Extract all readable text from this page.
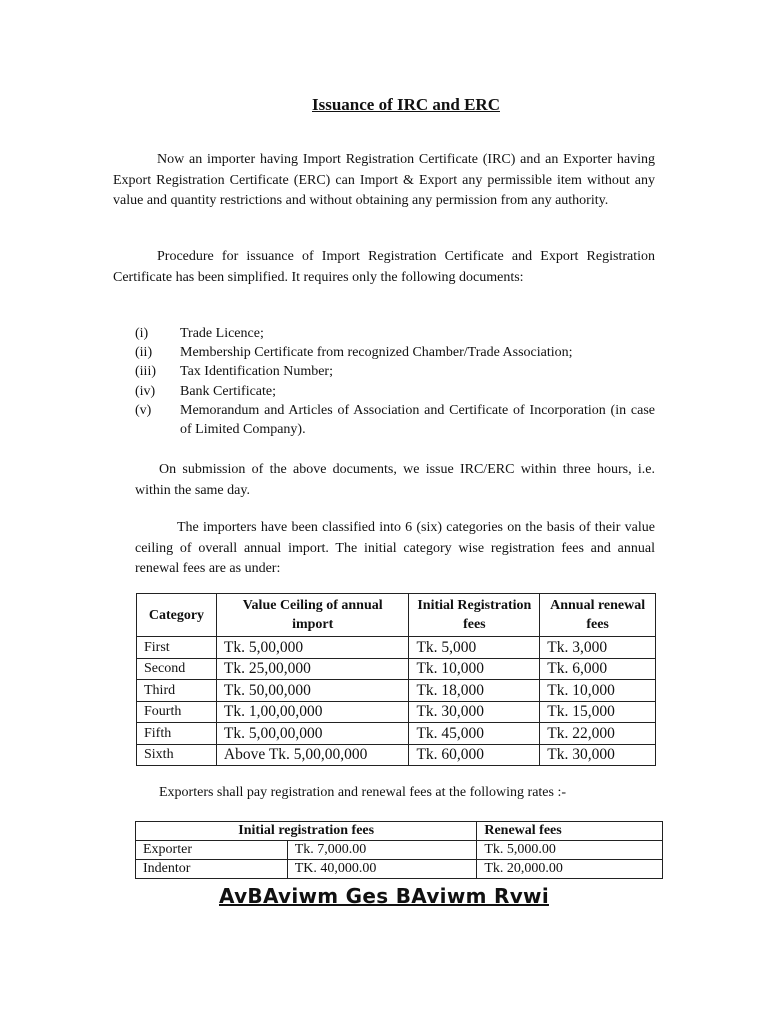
Issuance of IRC and ERC
Now an importer having Import Registration Certificate (IRC) and an Exporter having Export Registration Certificate (ERC) can Import & Export any permissible item without any value and quantity restrictions and without obtaining any permission from any authority.
Procedure for issuance of Import Registration Certificate and Export Registration Certificate has been simplified. It requires only the following documents:
(i)	Trade Licence;
(ii)	Membership Certificate from recognized Chamber/Trade Association;
(iii)	Tax Identification Number;
(iv)	Bank Certificate;
(v)	Memorandum and Articles of Association and Certificate of Incorporation (in case of Limited Company).
On submission of the above documents, we issue IRC/ERC within three hours, i.e. within the same day.
The importers have been classified into 6 (six) categories on the basis of their value ceiling of overall annual import. The initial category wise registration fees and annual renewal fees are as under:
Category	Value Ceiling of annual import	Initial Registration fees	Annual renewal fees
First	Tk. 5,00,000	Tk. 5,000	Tk. 3,000
Second	Tk. 25,00,000	Tk. 10,000	Tk. 6,000
Third	Tk. 50,00,000	Tk. 18,000	Tk. 10,000
Fourth	Tk. 1,00,00,000	Tk. 30,000	Tk. 15,000
Fifth	Tk. 5,00,00,000	Tk. 45,000	Tk. 22,000
Sixth	Above Tk. 5,00,00,000	Tk. 60,000	Tk. 30,000
Exporters shall pay registration and renewal fees at the following rates :-
Initial registration fees		Renewal fees
Exporter	Tk. 7,000.00	Tk. 5,000.00
Indentor	TK. 40,000.00	Tk. 20,000.00
AvBAviwm Ges BAviwm Rvwi
